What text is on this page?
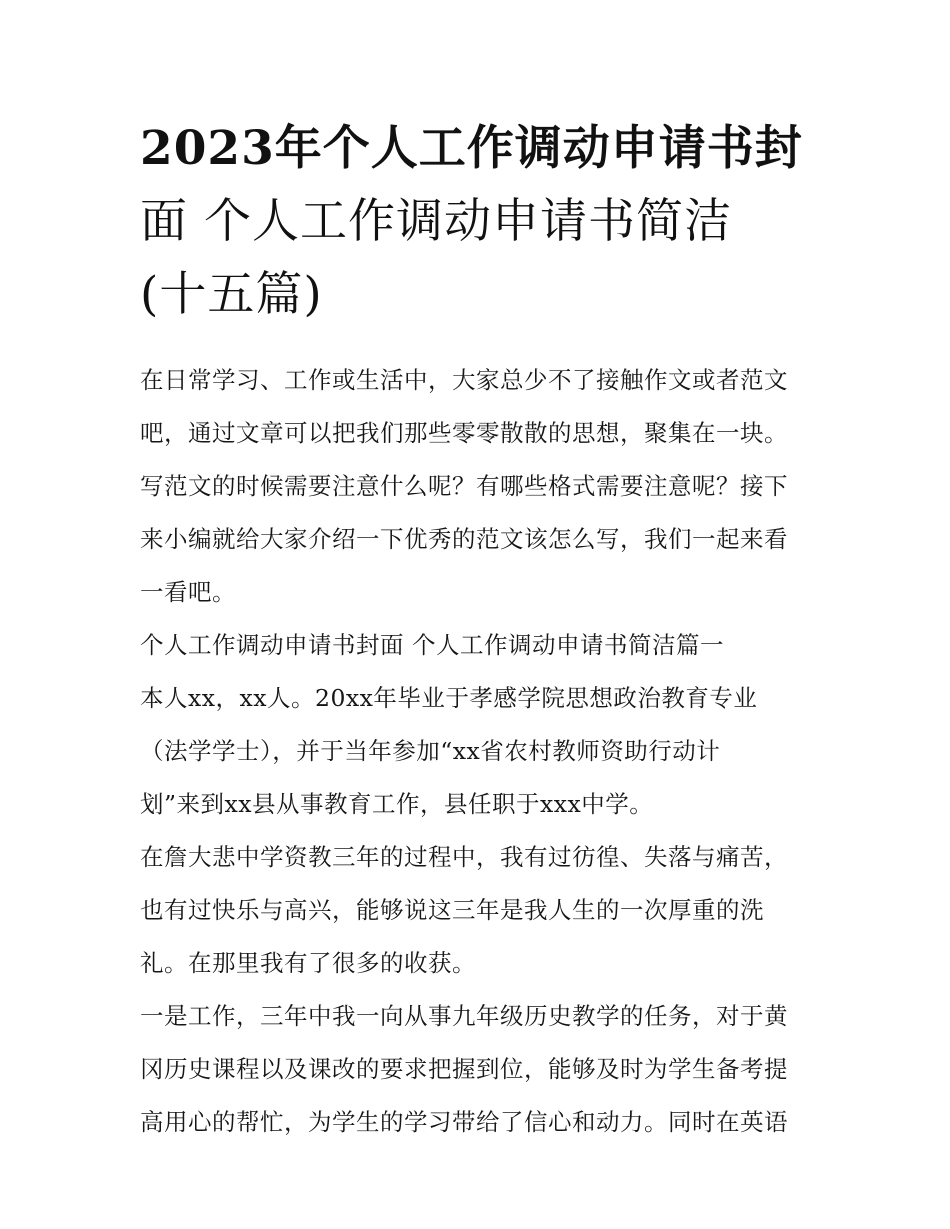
2023年个人工作调动申请书封
面 个人工作调动申请书简洁
(十五篇)

在日常学习、工作或生活中，大家总少不了接触作文或者范文
吧，通过文章可以把我们那些零零散散的思想，聚集在一块。
写范文的时候需要注意什么呢？有哪些格式需要注意呢？接下
来小编就给大家介绍一下优秀的范文该怎么写，我们一起来看
一看吧。

个人工作调动申请书封面 个人工作调动申请书简洁篇一

本人xx，xx人。20xx年毕业于孝感学院思想政治教育专业
（法学学士），并于当年参加“xx省农村教师资助行动计
划”来到xx县从事教育工作，县任职于xxx中学。

在詹大悲中学资教三年的过程中，我有过彷徨、失落与痛苦，
也有过快乐与高兴，能够说这三年是我人生的一次厚重的洗
礼。在那里我有了很多的收获。

一是工作，三年中我一向从事九年级历史教学的任务，对于黄
冈历史课程以及课改的要求把握到位，能够及时为学生备考提
高用心的帮忙，为学生的学习带给了信心和动力。同时在英语
